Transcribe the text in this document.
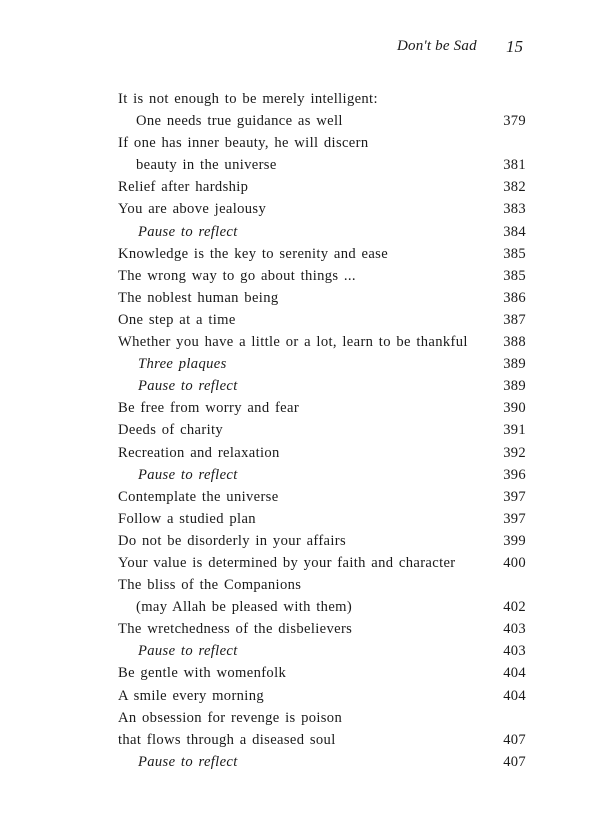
Don't be Sad 15
It is not enough to be merely intelligent:
One needs true guidance as well	379
If one has inner beauty, he will discern
beauty in the universe	381
Relief after hardship	382
You are above jealousy	383
Pause to reflect	384
Knowledge is the key to serenity and ease	385
The wrong way to go about things ...	385
The noblest human being	386
One step at a time	387
Whether you have a little or a lot, learn to be thankful 388
Three plaques	389
Pause to reflect	389
Be free from worry and fear	390
Deeds of charity	391
Recreation and relaxation	392
Pause to reflect	396
Contemplate the universe	397
Follow a studied plan	397
Do not be disorderly in your affairs	399
Your value is determined by your faith and character	400
The bliss of the Companions
(may Allah be pleased with them)	402
The wretchedness of the disbelievers	403
Pause to reflect	403
Be gentle with womenfolk	404
A smile every morning	404
An obsession for revenge is poison
that flows through a diseased soul	407
Pause to reflect	407
